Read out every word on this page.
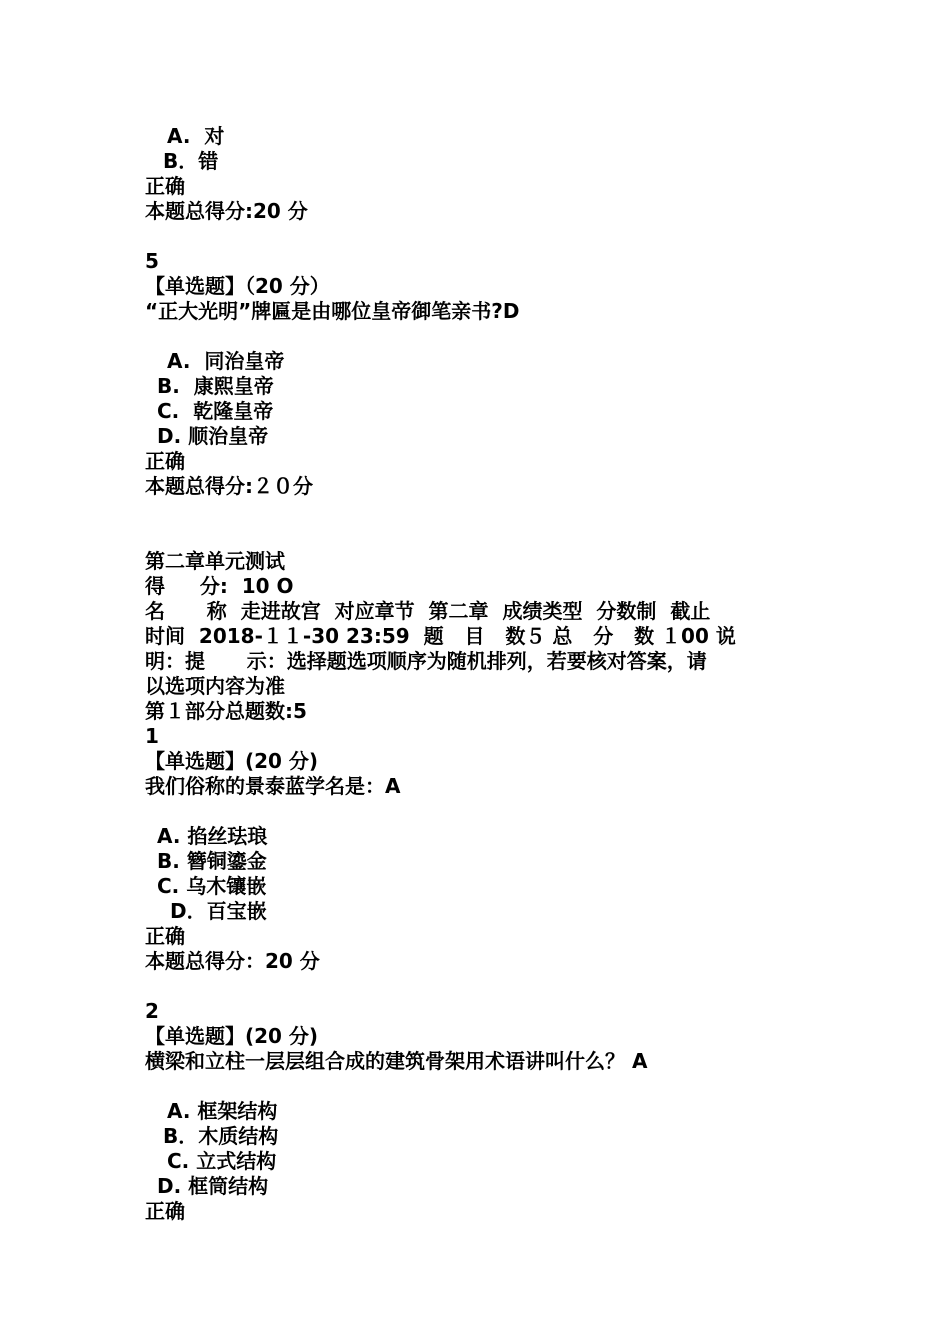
A.  对
B．错
正确
本题总得分:20 分
5
【单选题】（20 分）
“正大光明”牌匾是由哪位皇帝御笔亲书?D
A.  同治皇帝
B.  康熙皇帝
C.  乾隆皇帝
D. 顺治皇帝
正确
本题总得分:２０分
第二章单元测试
得     分:  10 O
名      称  走进故宫  对应章节  第二章  成绩类型  分数制  截止
时间  2018-１１-30 23:59  题   目   数５ 总   分   数 １00 说
明：提      示：选择题选项顺序为随机排列，若要核对答案，请
以选项内容为准
第１部分总题数:5
1
【单选题】(20 分)
我们俗称的景泰蓝学名是：A
A. 掐丝珐琅
B. 簪铜鎏金
C. 乌木镶嵌
D．百宝嵌
正确
本题总得分：20 分
2
【单选题】(20 分)
横梁和立柱一层层组合成的建筑骨架用术语讲叫什么？ A
A. 框架结构
B．木质结构
C. 立式结构
D. 框筒结构
正确
